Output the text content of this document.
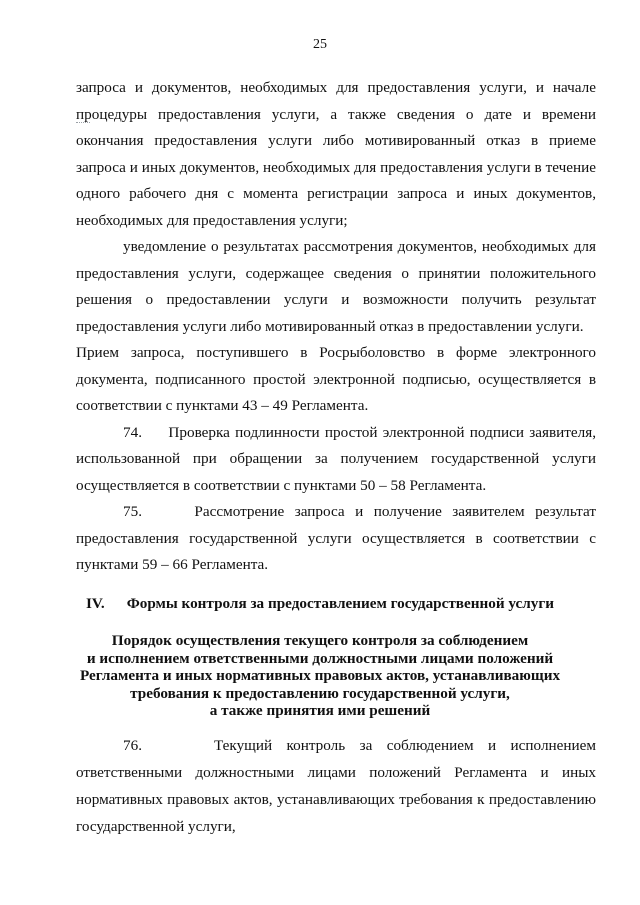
25

запроса и документов, необходимых для предоставления услуги, и начале процедуры предоставления услуги, а также сведения о дате и времени окончания предоставления услуги либо мотивированный отказ в приеме запроса и иных документов, необходимых для предоставления услуги в течение одного рабочего дня с момента регистрации запроса и иных документов, необходимых для предоставления услуги;

уведомление о результатах рассмотрения документов, необходимых для предоставления услуги, содержащее сведения о принятии положительного решения о предоставлении услуги и возможности получить результат предоставления услуги либо мотивированный отказ в предоставлении услуги.

Прием запроса, поступившего в Росрыболовство в форме электронного документа, подписанного простой электронной подписью, осуществляется в соответствии с пунктами 43 – 49 Регламента.

74.     Проверка подлинности простой электронной подписи заявителя, использованной при обращении за получением государственной услуги осуществляется в соответствии с пунктами 50 – 58 Регламента.

75.     Рассмотрение запроса и получение заявителем результат предоставления государственной услуги осуществляется в соответствии с пунктами 59 – 66 Регламента.

IV. Формы контроля за предоставлением государственной услуги
Порядок осуществления текущего контроля за соблюдением
и исполнением ответственными должностными лицами положений
Регламента и иных нормативных правовых актов, устанавливающих
требования к предоставлению государственной услуги,
а также принятия ими решений

76.     Текущий контроль за соблюдением и исполнением ответственными должностными лицами положений Регламента и иных нормативных правовых актов, устанавливающих требования к предоставлению государственной услуги,
